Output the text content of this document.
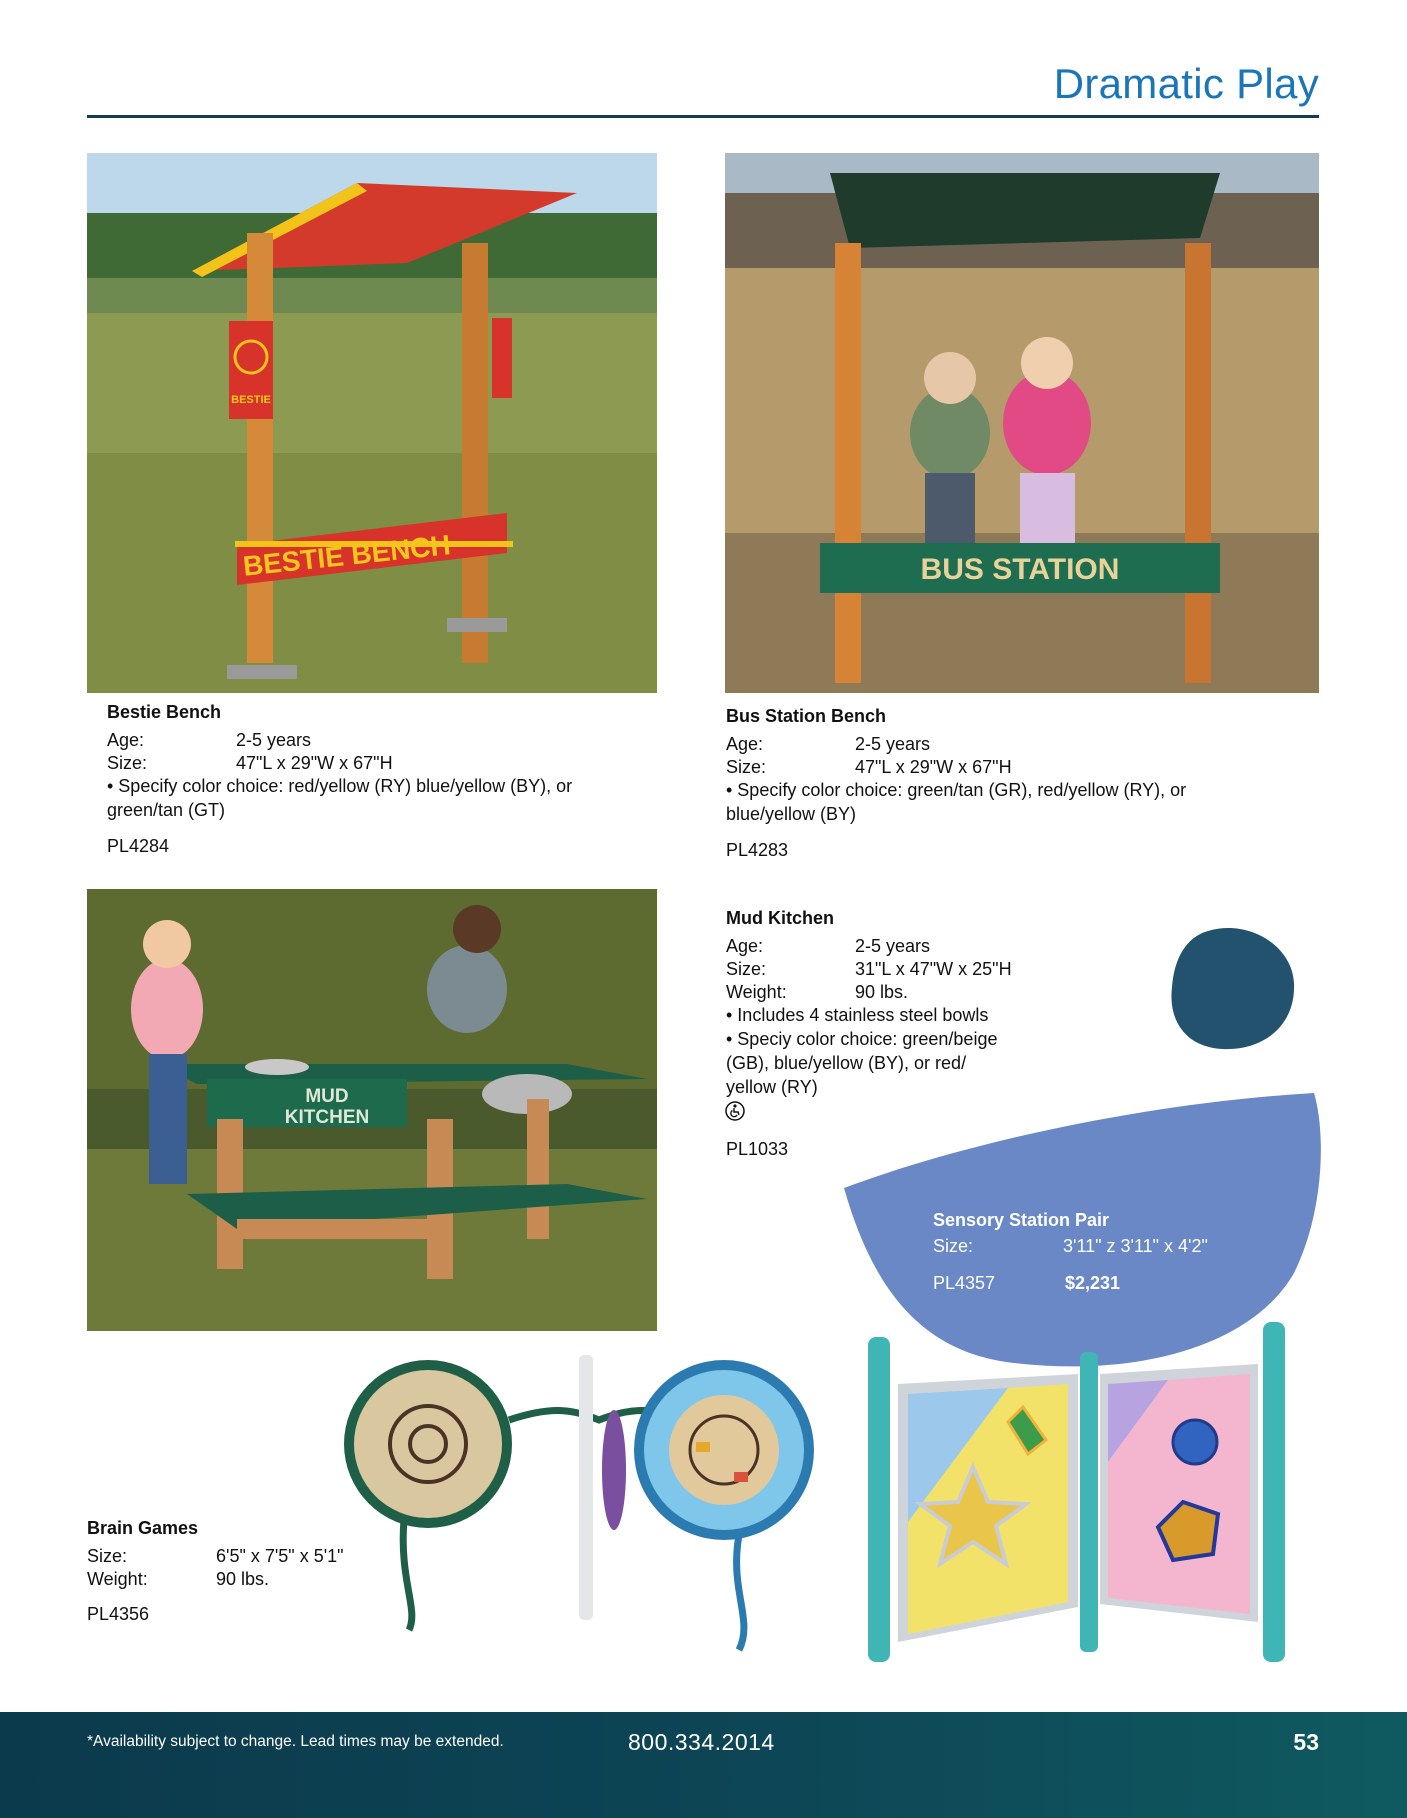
Dramatic Play
BESTIE BENCH
BESTIE
BUS STATION
Bestie Bench
Age:	2-5 years
Size:	47"L x 29"W x 67"H
• Specify color choice: red/yellow (RY) blue/yellow (BY), or
green/tan (GT)
PL4284
Bus Station Bench
Age:	2-5 years
Size:	47"L x 29"W x 67"H
• Specify color choice: green/tan (GR), red/yellow (RY), or
blue/yellow (BY)
PL4283
MUD
KITCHEN
Mud Kitchen
Age:	2-5 years
Size:	31"L x 47"W x 25"H
Weight:	90 lbs.
• Includes 4 stainless steel bowls
• Speciy color choice: green/beige
(GB), blue/yellow (BY), or red/
yellow (RY)
PL1033
Sensory Station Pair
Size:	3'11" z 3'11" x 4'2"
PL4357	$2,231
Brain Games
Size:	6'5" x 7'5" x 5'1"
Weight:	90 lbs.
PL4356
*Availability subject to change. Lead times may be extended.	800.334.2014	53
